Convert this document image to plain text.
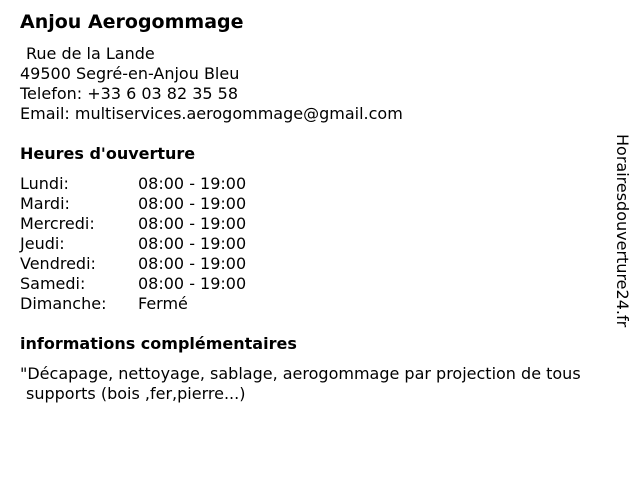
Anjou Aerogommage
Rue de la Lande
49500 Segré-en-Anjou Bleu
Telefon: +33 6 03 82 35 58
Email: multiservices.aerogommage@gmail.com
Heures d'ouverture
Lundi:	08:00 - 19:00
Mardi:	08:00 - 19:00
Mercredi:	08:00 - 19:00
Jeudi:	08:00 - 19:00
Vendredi:	08:00 - 19:00
Samedi:	08:00 - 19:00
Dimanche:	Fermé
informations complémentaires
"Décapage, nettoyage, sablage, aerogommage par projection de tous
supports (bois ,fer,pierre...)
Horairesdouverture24.fr
